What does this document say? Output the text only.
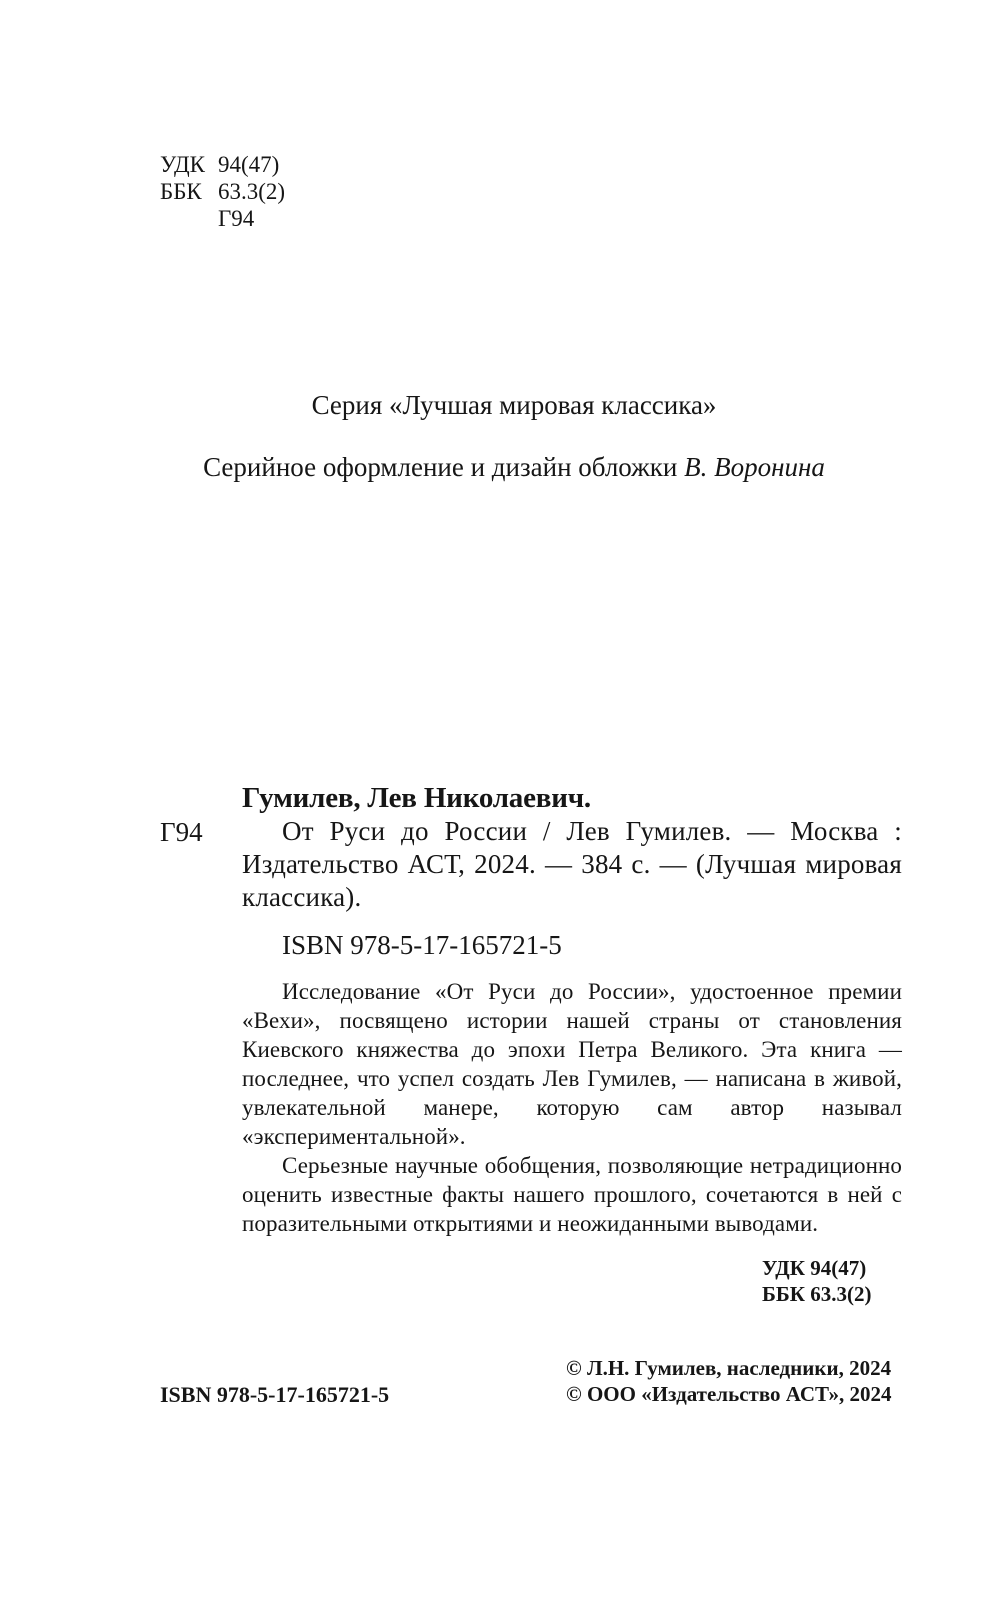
УДК 94(47)
ББК 63.3(2)
Г94
Серия «Лучшая мировая классика»
Серийное оформление и дизайн обложки В. Воронина
Гумилев, Лев Николаевич.
Г94	От Руси до России / Лев Гумилев. — Москва : Издательство АСТ, 2024. — 384 с. — (Лучшая мировая классика).
ISBN 978-5-17-165721-5

Исследование «От Руси до России», удостоенное премии «Вехи», посвящено истории нашей страны от становления Киевского княжества до эпохи Петра Великого. Эта книга — последнее, что успел создать Лев Гумилев, — написана в живой, увлекательной манере, которую сам автор называл «экспериментальной».

Серьезные научные обобщения, позволяющие нетрадиционно оценить известные факты нашего прошлого, сочетаются в ней с поразительными открытиями и неожиданными выводами.

УДК 94(47)
ББК 63.3(2)
ISBN 978-5-17-165721-5
© Л.Н. Гумилев, наследники, 2024
© ООО «Издательство АСТ», 2024
